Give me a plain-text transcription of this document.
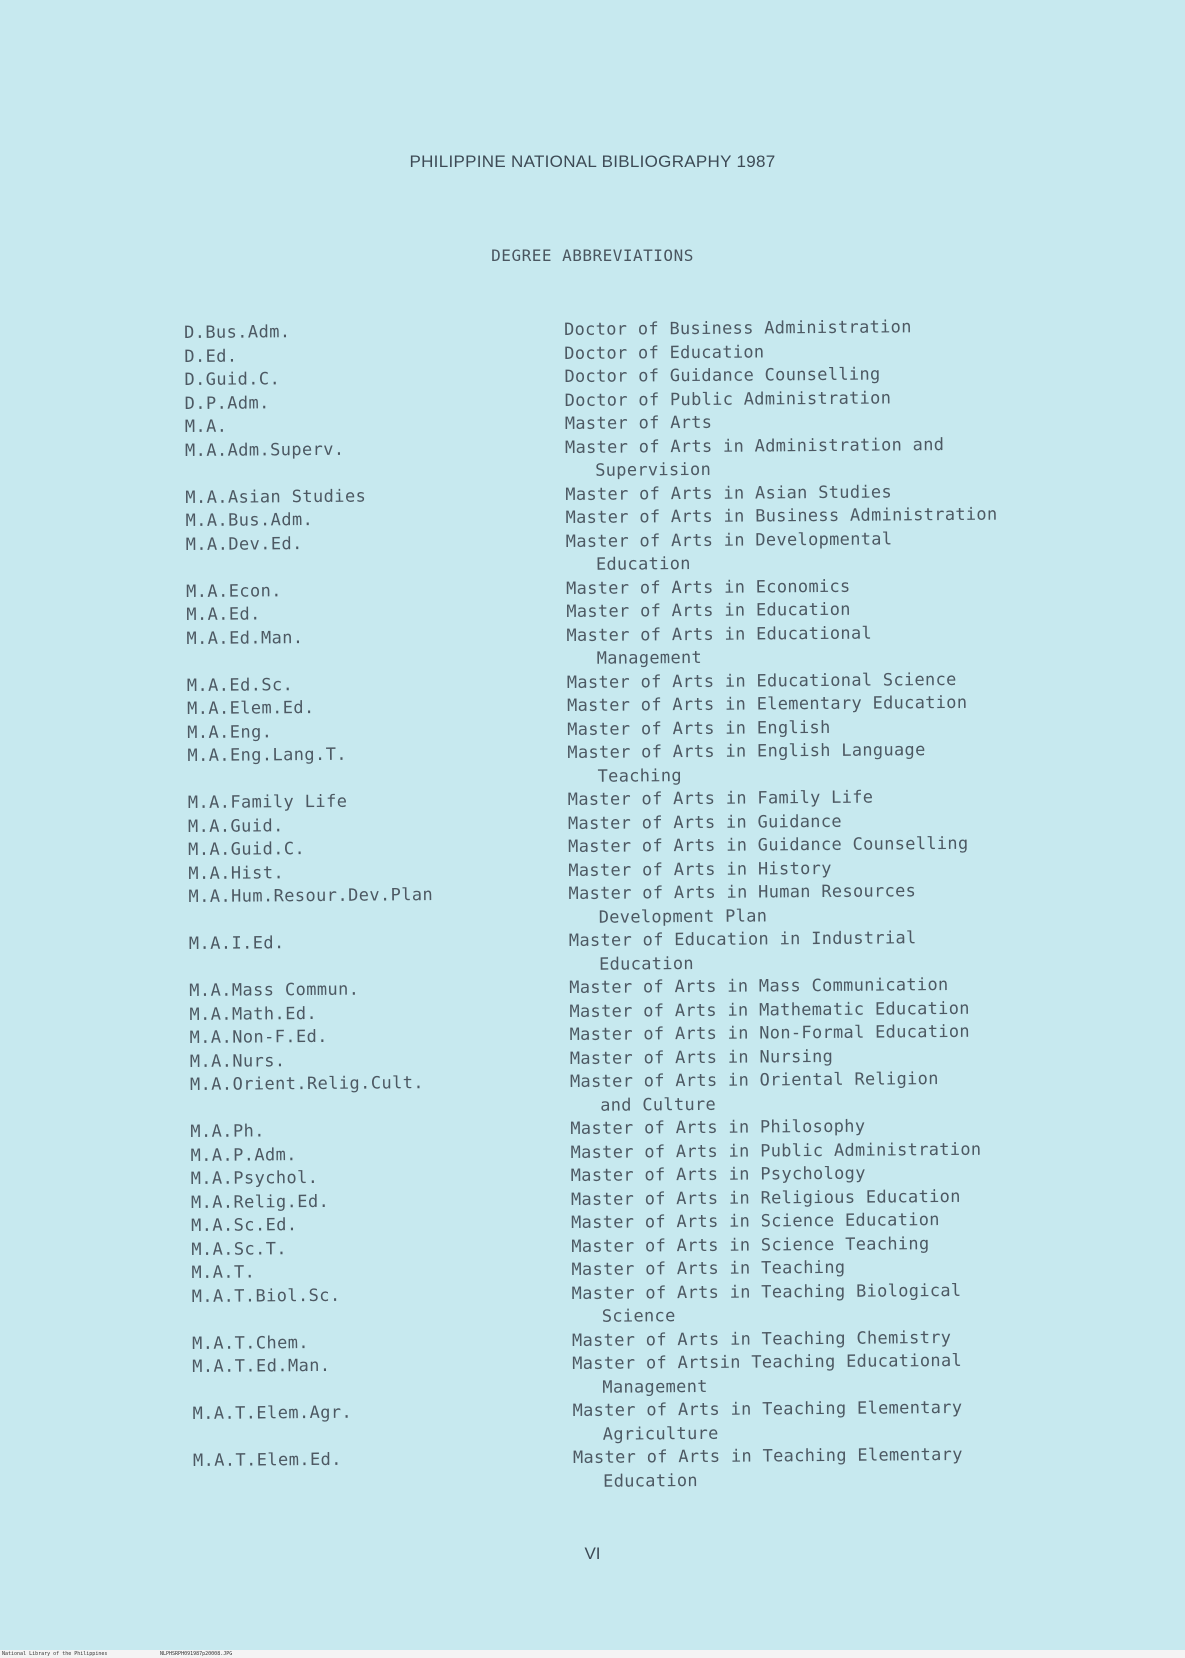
PHILIPPINE NATIONAL BIBLIOGRAPHY 1987
DEGREE ABBREVIATIONS
D.Bus.Adm.	Doctor of Business Administration
D.Ed.	Doctor of Education
D.Guid.C.	Doctor of Guidance Counselling
D.P.Adm.	Doctor of Public Administration
M.A.	Master of Arts
M.A.Adm.Superv.	Master of Arts in Administration and
Supervision
M.A.Asian Studies	Master of Arts in Asian Studies
M.A.Bus.Adm.	Master of Arts in Business Administration
M.A.Dev.Ed.	Master of Arts in Developmental
Education
M.A.Econ.	Master of Arts in Economics
M.A.Ed.	Master of Arts in Education
M.A.Ed.Man.	Master of Arts in Educational
Management
M.A.Ed.Sc.	Master of Arts in Educational Science
M.A.Elem.Ed.	Master of Arts in Elementary Education
M.A.Eng.	Master of Arts in English
M.A.Eng.Lang.T.	Master of Arts in English Language
Teaching
M.A.Family Life	Master of Arts in Family Life
M.A.Guid.	Master of Arts in Guidance
M.A.Guid.C.	Master of Arts in Guidance Counselling
M.A.Hist.	Master of Arts in History
M.A.Hum.Resour.Dev.Plan	Master of Arts in Human Resources
Development Plan
M.A.I.Ed.	Master of Education in Industrial
Education
M.A.Mass Commun.	Master of Arts in Mass Communication
M.A.Math.Ed.	Master of Arts in Mathematic Education
M.A.Non-F.Ed.	Master of Arts in Non-Formal Education
M.A.Nurs.	Master of Arts in Nursing
M.A.Orient.Relig.Cult.	Master of Arts in Oriental Religion
and Culture
M.A.Ph.	Master of Arts in Philosophy
M.A.P.Adm.	Master of Arts in Public Administration
M.A.Psychol.	Master of Arts in Psychology
M.A.Relig.Ed.	Master of Arts in Religious Education
M.A.Sc.Ed.	Master of Arts in Science Education
M.A.Sc.T.	Master of Arts in Science Teaching
M.A.T.	Master of Arts in Teaching
M.A.T.Biol.Sc.	Master of Arts in Teaching Biological
Science
M.A.T.Chem.	Master of Arts in Teaching Chemistry
M.A.T.Ed.Man.	Master of Artsin Teaching Educational
Management
M.A.T.Elem.Agr.	Master of Arts in Teaching Elementary
Agriculture
M.A.T.Elem.Ed.	Master of Arts in Teaching Elementary
Education
VI
National Library of the Philippines	NLPHSRPH091987p20008.JPG
